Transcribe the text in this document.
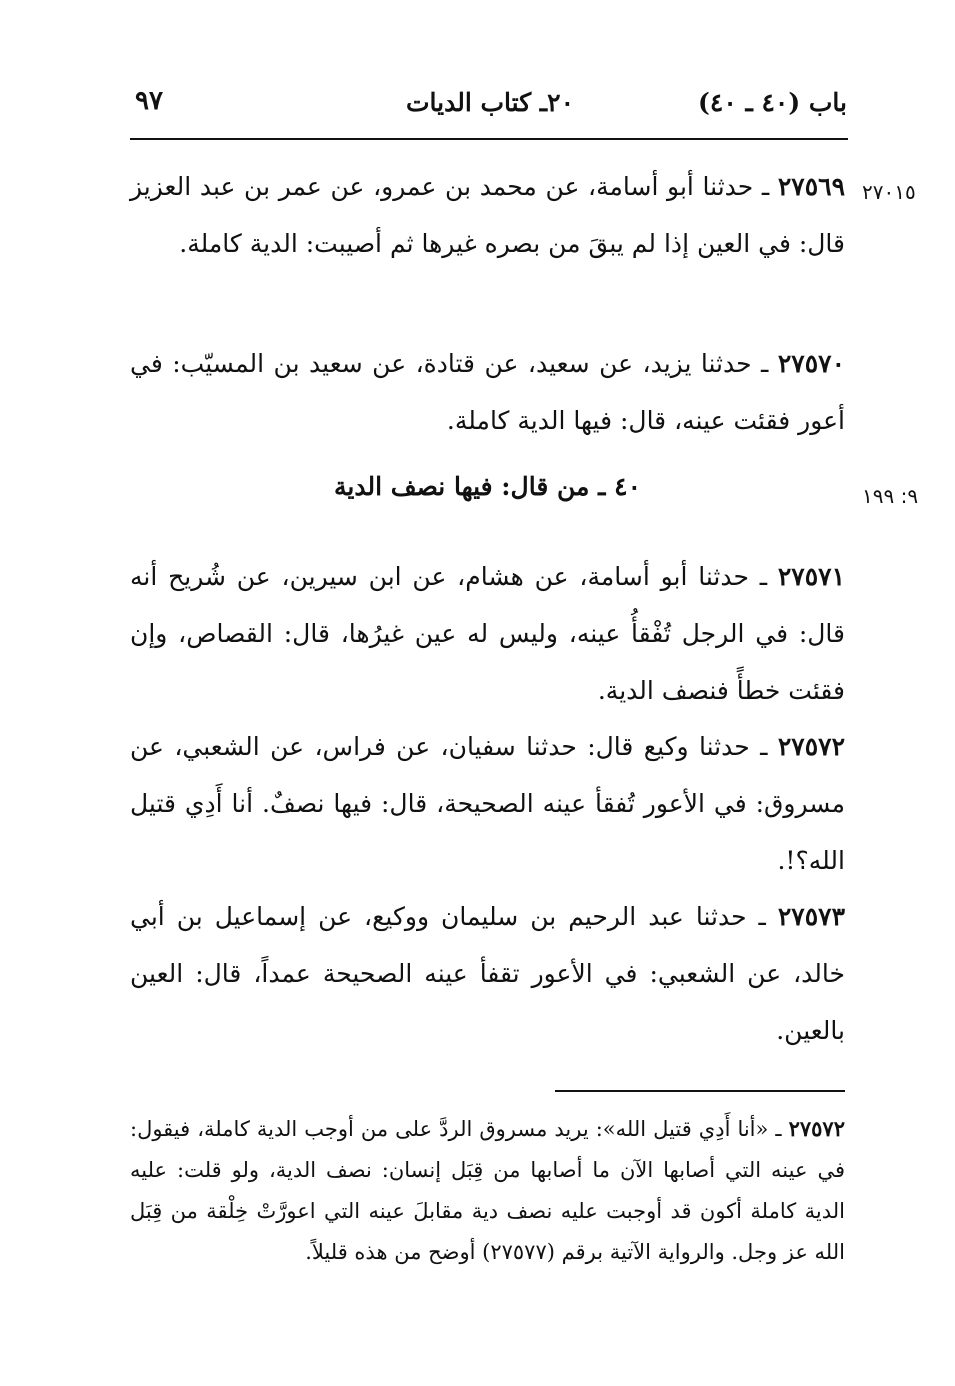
باب (٤٠ ـ ٤٠)
٢٠ـ كتاب الديات
٩٧
٢٧٠١٥
٩: ١٩٩
٢٧٥٦٩ ـ حدثنا أبو أسامة، عن محمد بن عمرو، عن عمر بن عبد العزيز قال: في العين إذا لم يبقَ من بصره غيرها ثم أصيبت: الدية كاملة.
٢٧٥٧٠ ـ حدثنا يزيد، عن سعيد، عن قتادة، عن سعيد بن المسيّب: في أعور فقئت عينه، قال: فيها الدية كاملة.
٤٠ ـ من قال: فيها نصف الدية
٢٧٥٧١ ـ حدثنا أبو أسامة، عن هشام، عن ابن سيرين، عن شُريح أنه قال: في الرجل تُفْقأُ عينه، وليس له عين غيرُها، قال: القصاص، وإن فقئت خطأً فنصف الدية.
٢٧٥٧٢ ـ حدثنا وكيع قال: حدثنا سفيان، عن فراس، عن الشعبي، عن مسروق: في الأعور تُفقأ عينه الصحيحة، قال: فيها نصفٌ. أنا أَدِي قتيل الله؟!.
٢٧٥٧٣ ـ حدثنا عبد الرحيم بن سليمان ووكيع، عن إسماعيل بن أبي خالد، عن الشعبي: في الأعور تقفأ عينه الصحيحة عمداً، قال: العين بالعين.
٢٧٥٧٢ ـ «أنا أَدِي قتيل الله»: يريد مسروق الردَّ على من أوجب الدية كاملة، فيقول: في عينه التي أصابها الآن ما أصابها من قِبَل إنسان: نصف الدية، ولو قلت: عليه الدية كاملة أكون قد أوجبت عليه نصف دية مقابلَ عينه التي اعورَّتْ خِلْقة من قِبَل الله عز وجل. والرواية الآتية برقم (٢٧٥٧٧) أوضح من هذه قليلاً.
